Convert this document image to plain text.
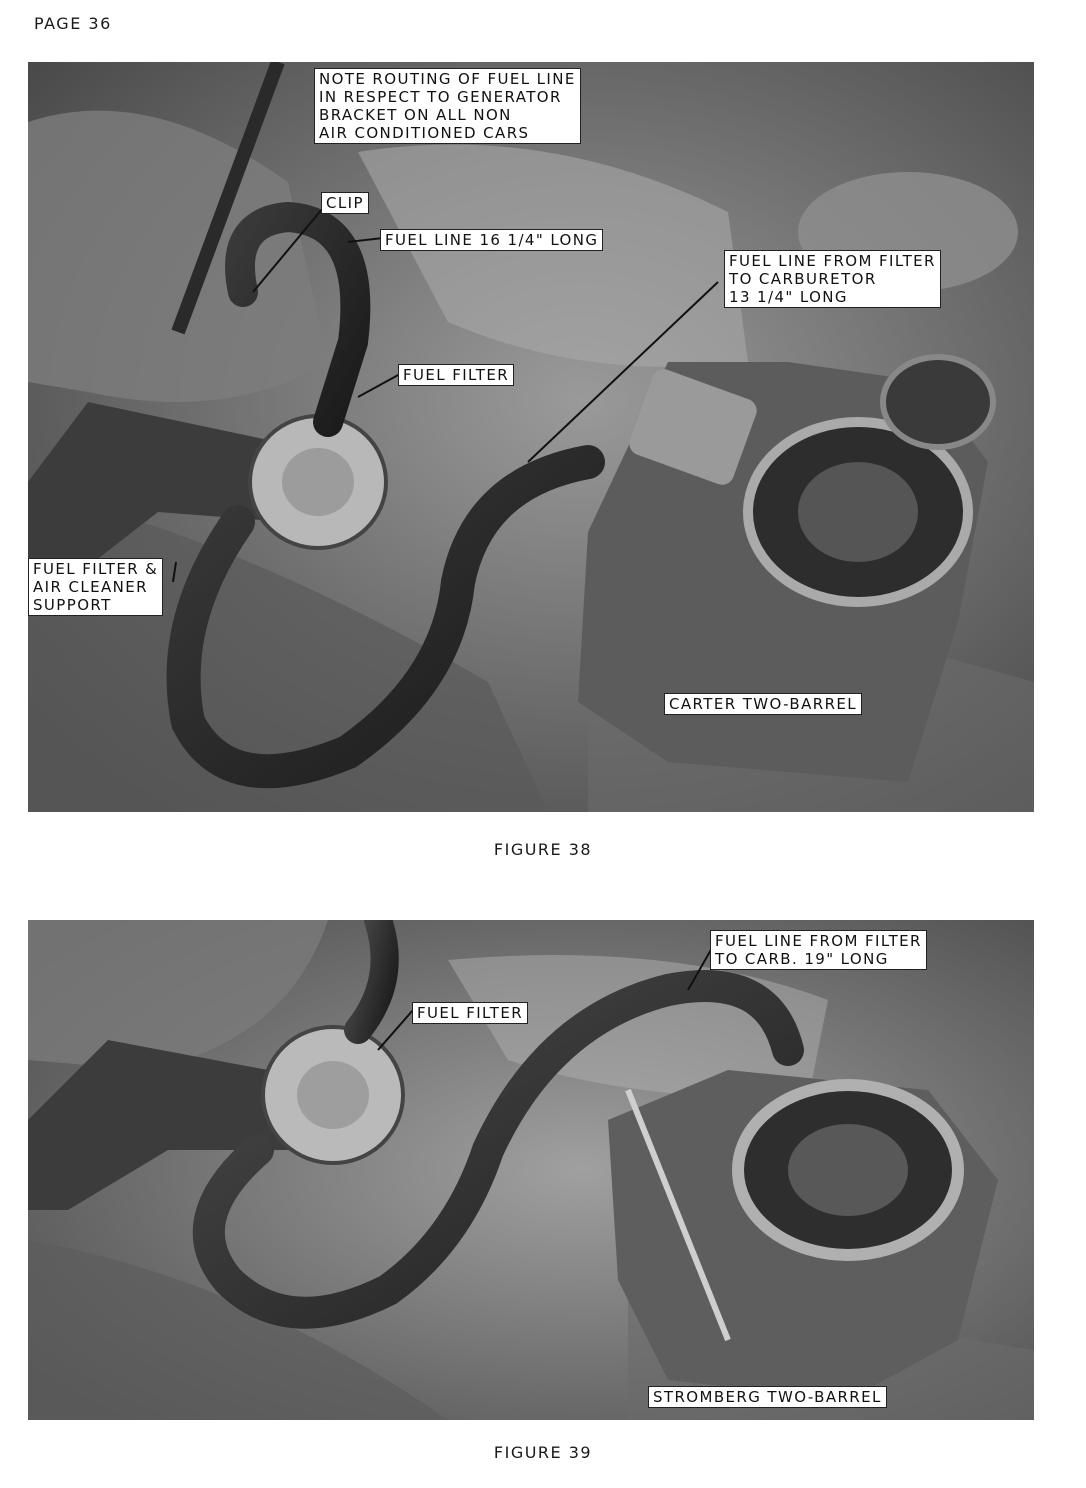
PAGE 36
NOTE ROUTING OF FUEL LINE
IN RESPECT TO GENERATOR
BRACKET ON ALL NON
AIR CONDITIONED CARS
CLIP
FUEL LINE 16 1/4" LONG
FUEL LINE FROM FILTER
TO CARBURETOR
13 1/4" LONG
FUEL FILTER
FUEL FILTER &
AIR CLEANER
SUPPORT
CARTER TWO-BARREL
FIGURE 38
FUEL LINE FROM FILTER
TO CARB. 19" LONG
FUEL FILTER
STROMBERG TWO-BARREL
FIGURE 39
